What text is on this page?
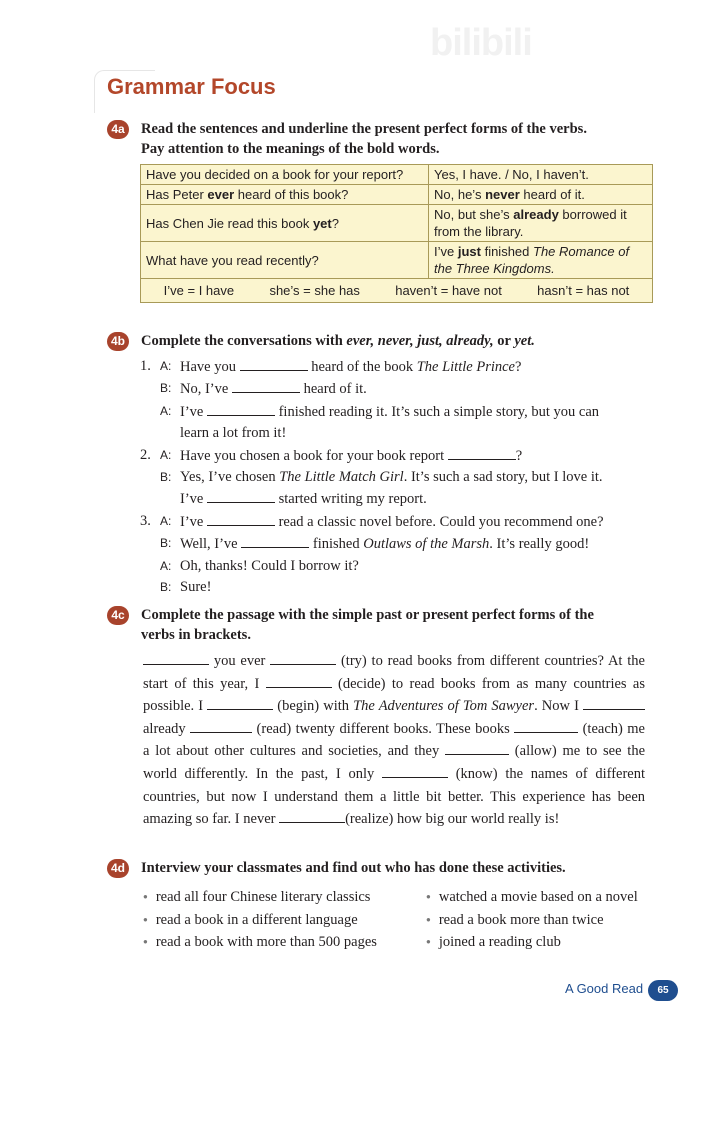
bilibili
Grammar Focus
4a Read the sentences and underline the present perfect forms of the verbs.
Pay attention to the meanings of the bold words.
Have you decided on a book for your report?	Yes, I have. / No, I haven’t.
Has Peter ever heard of this book?	No, he’s never heard of it.
Has Chen Jie read this book yet?	No, but she’s already borrowed it from the library.
What have you read recently?	I’ve just finished The Romance of the Three Kingdoms.

I’ve = I have she’s = she has haven’t = have not hasn’t = has not	
4b Complete the conversations with ever, never, just, already, or yet.
1. A: Have you	heard of the book The Little Prince?
B: No, I’ve	heard of it.
A: I’ve	finished reading it. It’s such a simple story, but you can
learn a lot from it!
2. A: Have you chosen a book for your book report	?
B: Yes, I’ve chosen The Little Match Girl. It’s such a sad story, but I love it.
I’ve	started writing my report.
3. A: I’ve	read a classic novel before. Could you recommend one?
B: Well, I’ve	finished Outlaws of the Marsh. It’s really good!
A: Oh, thanks! Could I borrow it?
B: Sure!
4c Complete the passage with the simple past or present perfect forms of the
verbs in brackets.
you ever	(try) to read books from different countries? At the start of this year, I	(decide) to read books from as many countries as possible. I	(begin) with The Adventures of Tom Sawyer. Now I  already	(read) twenty different books. These books	(teach) me a lot about other cultures and societies, and they	(allow) me to see the world differently. In the past, I only	(know) the names of different countries, but now I understand them a little bit better. This experience has been amazing so far. I never	(realize) how big our world really is!
4d Interview your classmates and find out who has done these activities.
● read all four Chinese literary classics	● watched a movie based on a novel
● read a book in a different language	● read a book more than twice
● read a book with more than 500 pages	● joined a reading club
A Good Read	65
